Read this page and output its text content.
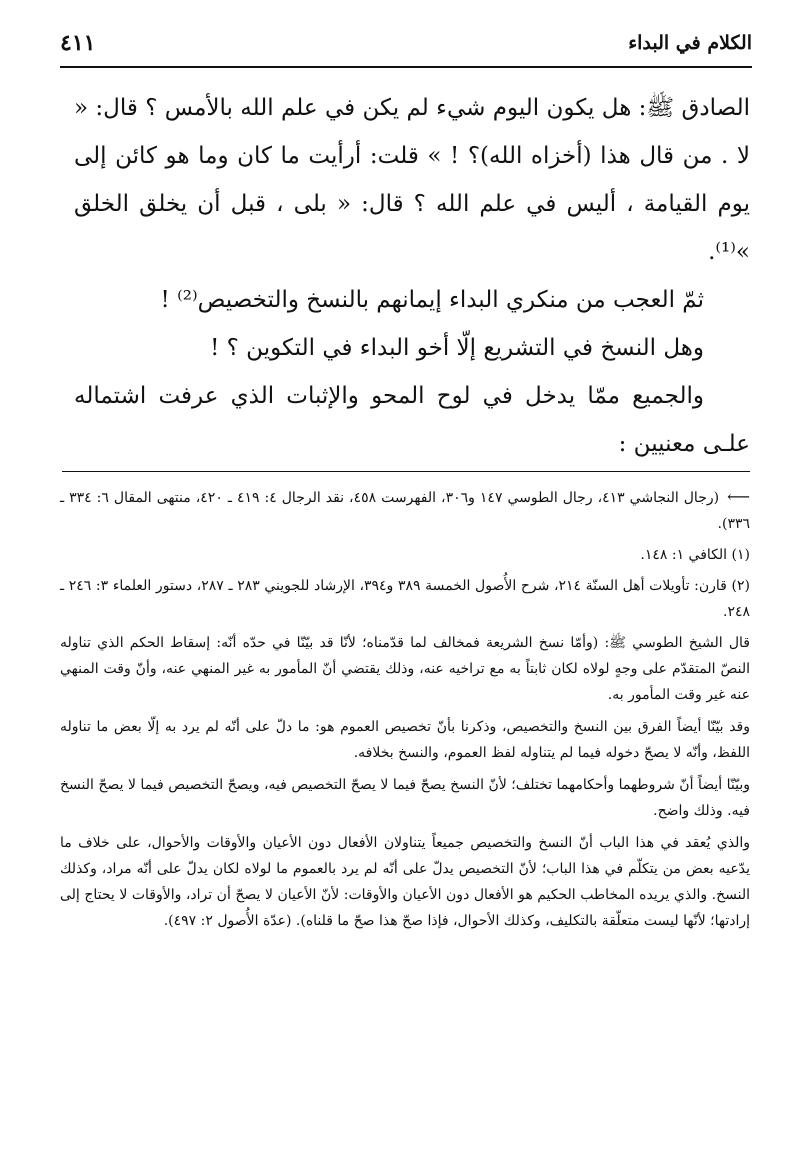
الكلام في البداء
٤١١

الصادق ﷺ: هل يكون اليوم شيء لم يكن في علم الله بالأمس ؟ قال: « لا . من قال هذا (أخزاه الله)؟ ! » قلت: أرأيت ما كان وما هو كائن إلى يوم القيامة ، أليس في علم الله ؟ قال: « بلى ، قبل أن يخلق الخلق »⁽¹⁾.

ثمّ العجب من منكري البداء إيمانهم بالنسخ والتخصيص⁽²⁾ !

وهل النسخ في التشريع إلّا أخو البداء في التكوين ؟ !

والجميع ممّا يدخل في لوح المحو والإثبات الذي عرفت اشتماله علـى معنيين :

⟵(رجال النجاشي ٤١٣، رجال الطوسي ١٤٧ و٣٠٦، الفهرست ٤٥٨، نقد الرجال ٤: ٤١٩ ـ ٤٢٠، منتهى المقال ٦: ٣٣٤ ـ ٣٣٦).

(١) الكافي ١: ١٤٨.

(٢) قارن: تأويلات أهل السنّة ٢١٤، شرح الأُصول الخمسة ٣٨٩ و٣٩٤، الإرشاد للجويني ٢٨٣ ـ ٢٨٧، دستور العلماء ٣: ٢٤٦ ـ ٢٤٨.

قال الشيخ الطوسي ﷺ: (وأمّا نسخ الشريعة فمخالف لما قدّمناه؛ لأنّا قد بيّنّا في حدّه أنّه: إسقاط الحكم الذي تناوله النصّ المتقدّم على وجهٍ لولاه لكان ثابتاً به مع تراخيه عنه، وذلك يقتضي أنّ المأمور به غير المنهي عنه، وأنّ وقت المنهي عنه غير وقت المأمور به.

وقد بيّنّا أيضاً الفرق بين النسخ والتخصيص، وذكرنا بأنّ تخصيص العموم هو: ما دلّ على أنّه لم يرد به إلّا بعض ما تناوله اللفظ، وأنّه لا يصحّ دخوله فيما لم يتناوله لفظ العموم، والنسخ بخلافه.

وبيّنّا أيضاً أنّ شروطهما وأحكامهما تختلف؛ لأنّ النسخ يصحّ فيما لا يصحّ التخصيص فيه، ويصحّ التخصيص فيما لا يصحّ النسخ فيه. وذلك واضح.

والذي يُعقد في هذا الباب أنّ النسخ والتخصيص جميعاً يتناولان الأفعال دون الأعيان والأوقات والأحوال، على خلاف ما يدّعيه بعض من يتكلّم في هذا الباب؛ لأنّ التخصيص يدلّ على أنّه لم يرد بالعموم ما لولاه لكان يدلّ على أنّه مراد، وكذلك النسخ. والذي يريده المخاطب الحكيم هو الأفعال دون الأعيان والأوقات: لأنّ الأعيان لا يصحّ أن تراد، والأوقات لا يحتاج إلى إرادتها؛ لأنّها ليست متعلّقة بالتكليف، وكذلك الأحوال، فإذا صحّ هذا صحّ ما قلناه). (عدّة الأُصول ٢: ٤٩٧).
